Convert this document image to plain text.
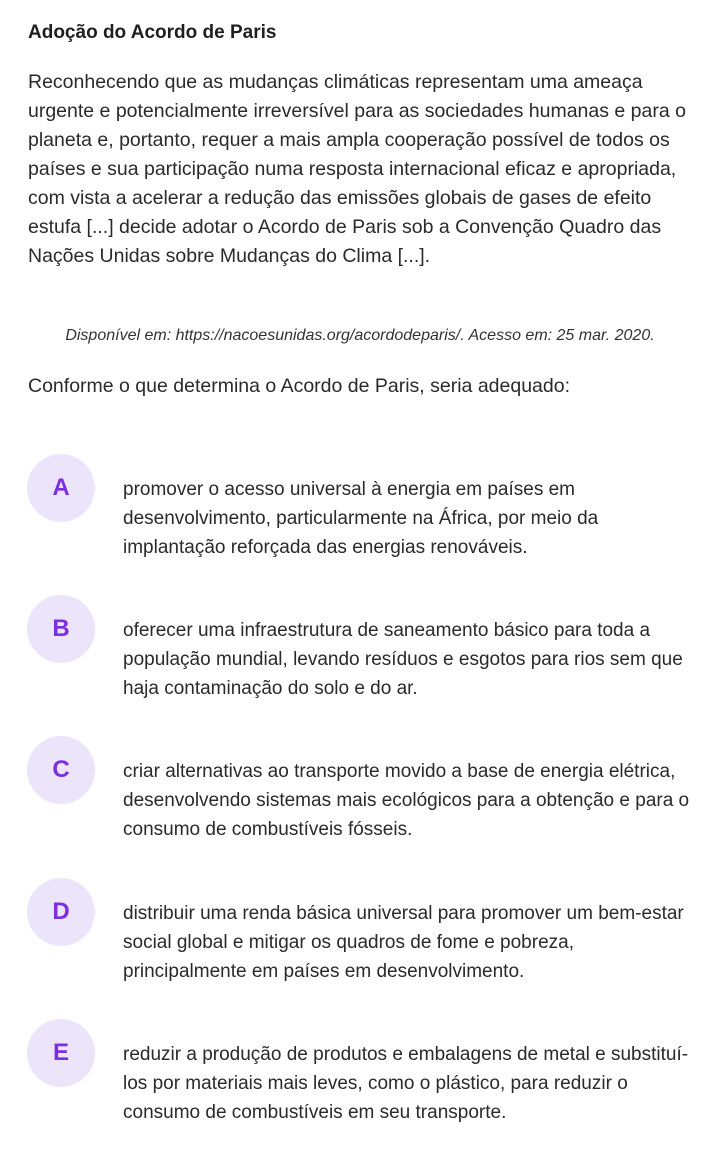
Adoção do Acordo de Paris
Reconhecendo que as mudanças climáticas representam uma ameaça urgente e potencialmente irreversível para as sociedades humanas e para o planeta e, portanto, requer a mais ampla cooperação possível de todos os países e sua participação numa resposta internacional eficaz e apropriada, com vista a acelerar a redução das emissões globais de gases de efeito estufa [...] decide adotar o Acordo de Paris sob a Convenção Quadro das Nações Unidas sobre Mudanças do Clima [...].
Disponível em: https://nacoesunidas.org/acordodeparis/. Acesso em: 25 mar. 2020.
Conforme o que determina o Acordo de Paris, seria adequado:
A	promover o acesso universal à energia em países em desenvolvimento, particularmente na África, por meio da implantação reforçada das energias renováveis.
B	oferecer uma infraestrutura de saneamento básico para toda a população mundial, levando resíduos e esgotos para rios sem que haja contaminação do solo e do ar.
C	criar alternativas ao transporte movido a base de energia elétrica, desenvolvendo sistemas mais ecológicos para a obtenção e para o consumo de combustíveis fósseis.
D	distribuir uma renda básica universal para promover um bem-estar social global e mitigar os quadros de fome e pobreza, principalmente em países em desenvolvimento.
E	reduzir a produção de produtos e embalagens de metal e substituí-los por materiais mais leves, como o plástico, para reduzir o consumo de combustíveis em seu transporte.
